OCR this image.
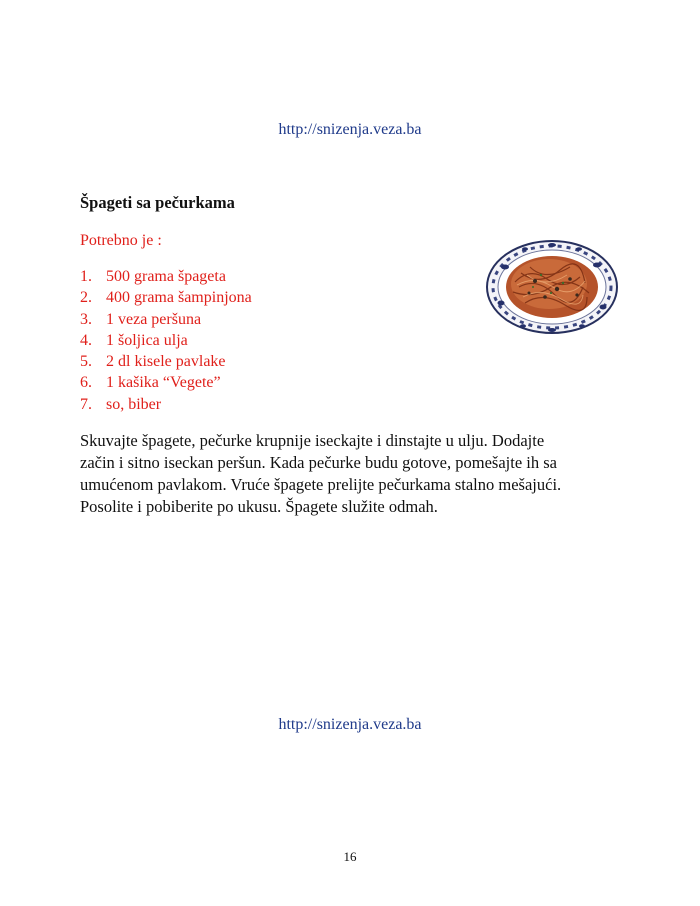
http://snizenja.veza.ba
Špageti sa pečurkama

Potrebno je :

1. 500 grama špageta
2. 400 grama šampinjona
3. 1 veza peršuna
4. 1 šoljica ulja
5. 2 dl kisele pavlake
6. 1 kašika “Vegete”
7. so, biber

Skuvajte špagete, pečurke krupnije iseckajte i dinstajte u ulju. Dodajte
začin i sitno iseckan peršun. Kada pečurke budu gotove, pomešajte ih sa
umućenom pavlakom. Vruće špagete prelijte pečurkama stalno mešajući.
Posolite i pobiberite po ukusu. Špagete služite odmah.

http://snizenja.veza.ba
16
